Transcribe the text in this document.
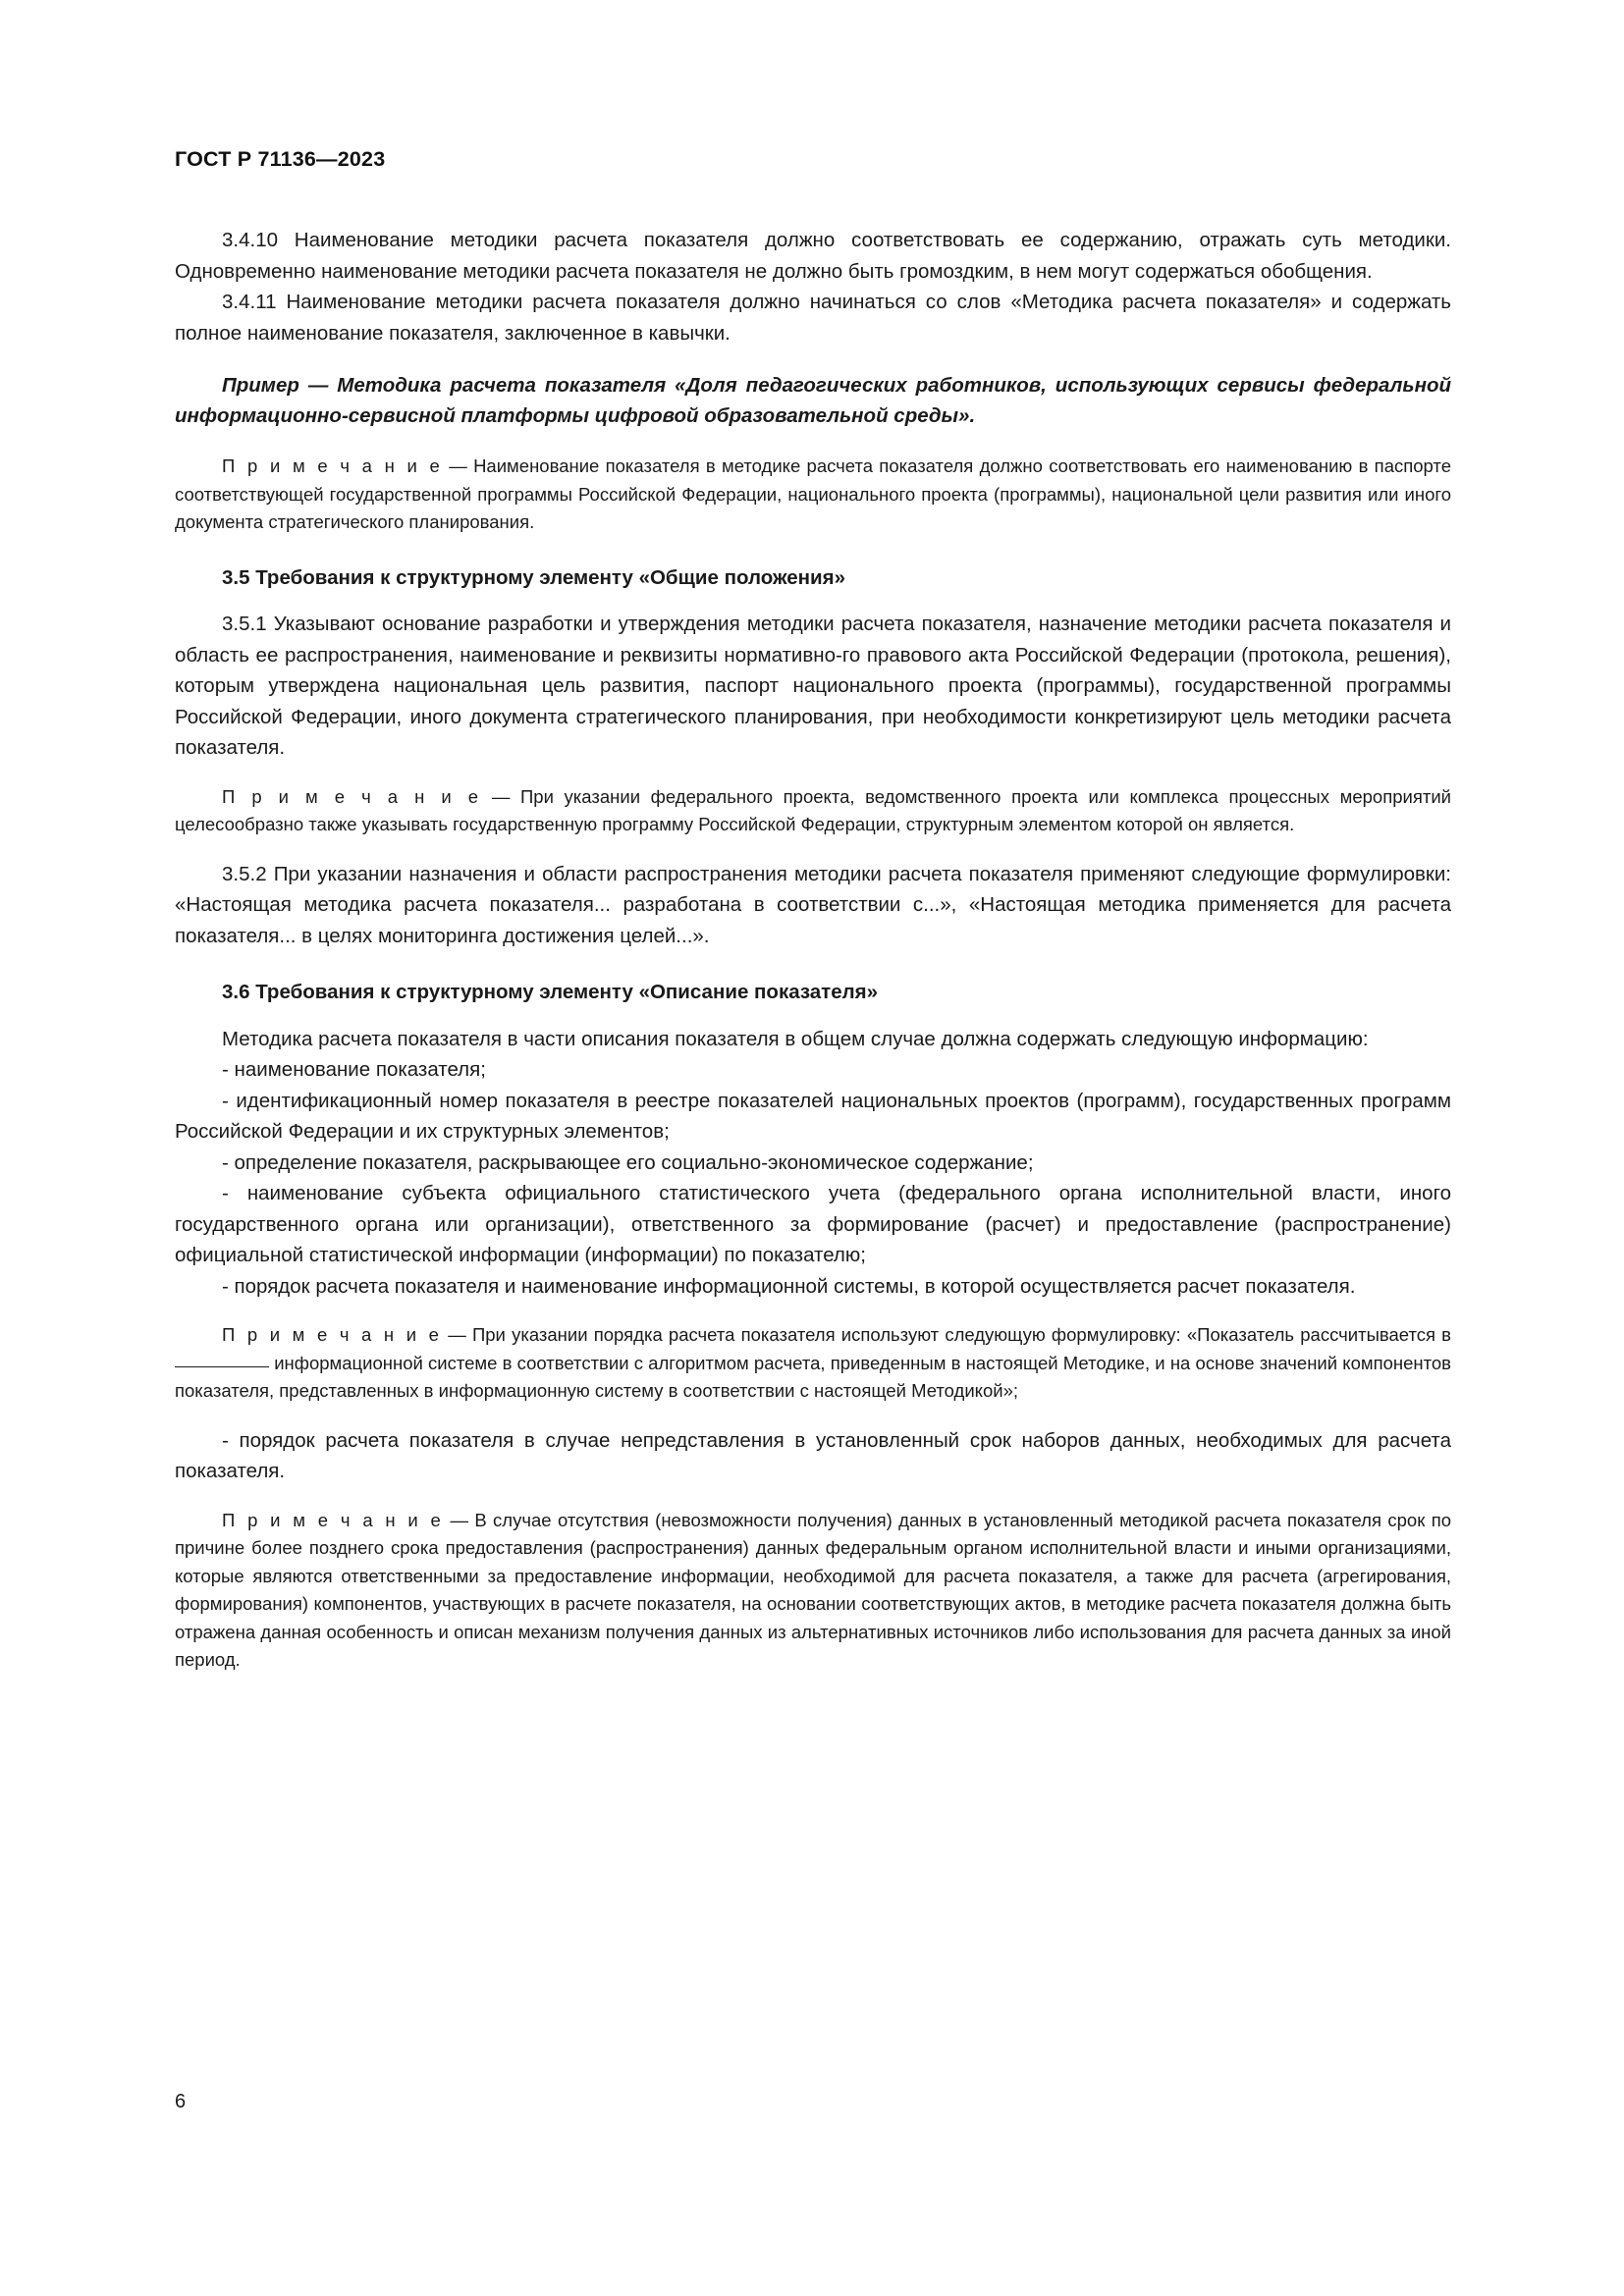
ГОСТ Р 71136—2023

3.4.10 Наименование методики расчета показателя должно соответствовать ее содержанию, отражать суть методики. Одновременно наименование методики расчета показателя не должно быть громоздким, в нем могут содержаться обобщения.

3.4.11 Наименование методики расчета показателя должно начинаться со слов «Методика расчета показателя» и содержать полное наименование показателя, заключенное в кавычки.

Пример — Методика расчета показателя «Доля педагогических работников, использующих сервисы федеральной информационно-сервисной платформы цифровой образовательной среды».

П р и м е ч а н и е — Наименование показателя в методике расчета показателя должно соответствовать его наименованию в паспорте соответствующей государственной программы Российской Федерации, национального проекта (программы), национальной цели развития или иного документа стратегического планирования.

3.5 Требования к структурному элементу «Общие положения»

3.5.1 Указывают основание разработки и утверждения методики расчета показателя, назначение методики расчета показателя и область ее распространения, наименование и реквизиты нормативно-го правового акта Российской Федерации (протокола, решения), которым утверждена национальная цель развития, паспорт национального проекта (программы), государственной программы Российской Федерации, иного документа стратегического планирования, при необходимости конкретизируют цель методики расчета показателя.

П р и м е ч а н и е — При указании федерального проекта, ведомственного проекта или комплекса процессных мероприятий целесообразно также указывать государственную программу Российской Федерации, структурным элементом которой он является.

3.5.2 При указании назначения и области распространения методики расчета показателя применяют следующие формулировки: «Настоящая методика расчета показателя... разработана в соответствии с...», «Настоящая методика применяется для расчета показателя... в целях мониторинга достижения целей...».

3.6 Требования к структурному элементу «Описание показателя»

Методика расчета показателя в части описания показателя в общем случае должна содержать следующую информацию:

- наименование показателя;

- идентификационный номер показателя в реестре показателей национальных проектов (программ), государственных программ Российской Федерации и их структурных элементов;

- определение показателя, раскрывающее его социально-экономическое содержание;

- наименование субъекта официального статистического учета (федерального органа исполнительной власти, иного государственного органа или организации), ответственного за формирование (расчет) и предоставление (распространение) официальной статистической информации (информации) по показателю;

- порядок расчета показателя и наименование информационной системы, в которой осуществляется расчет показателя.

П р и м е ч а н и е — При указании порядка расчета показателя используют следующую формулировку: «Показатель рассчитывается в  информационной системе в соответствии с алгоритмом расчета, приведенным в настоящей Методике, и на основе значений компонентов показателя, представленных в информационную систему в соответствии с настоящей Методикой»;

- порядок расчета показателя в случае непредставления в установленный срок наборов данных, необходимых для расчета показателя.

П р и м е ч а н и е — В случае отсутствия (невозможности получения) данных в установленный методикой расчета показателя срок по причине более позднего срока предоставления (распространения) данных федеральным органом исполнительной власти и иными организациями, которые являются ответственными за предоставление информации, необходимой для расчета показателя, а также для расчета (агрегирования, формирования) компонентов, участвующих в расчете показателя, на основании соответствующих актов, в методике расчета показателя должна быть отражена данная особенность и описан механизм получения данных из альтернативных источников либо использования для расчета данных за иной период.

6
